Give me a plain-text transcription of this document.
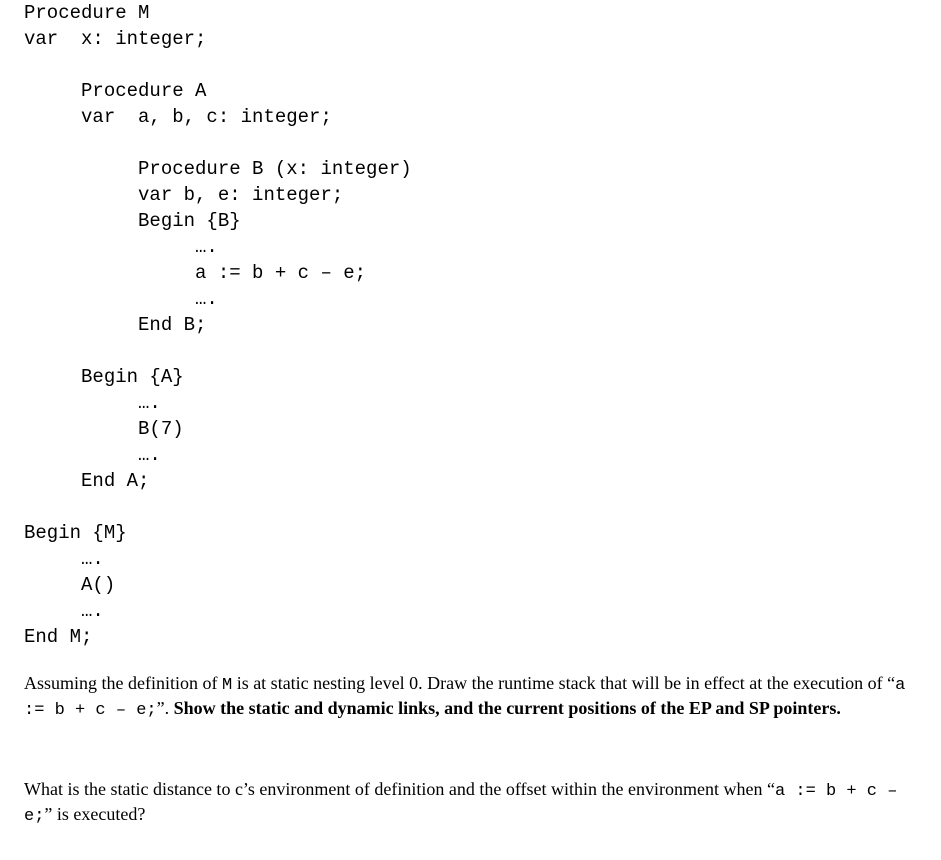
Procedure M
var  x: integer;
Procedure A
var  a, b, c: integer;
Procedure B (x: integer)
var b, e: integer;
Begin {B}
….
a := b + c – e;
….
End B;
Begin {A}
….
B(7)
….
End A;
Begin {M}
….
A()
….
End M;

Assuming the definition of M is at static nesting level 0. Draw the runtime stack that will be in effect at the execution of “a := b + c – e;”. Show the static and dynamic links, and the current positions of the EP and SP pointers.

What is the static distance to c’s environment of definition and the offset within the environment when “a := b + c – e;” is executed?
